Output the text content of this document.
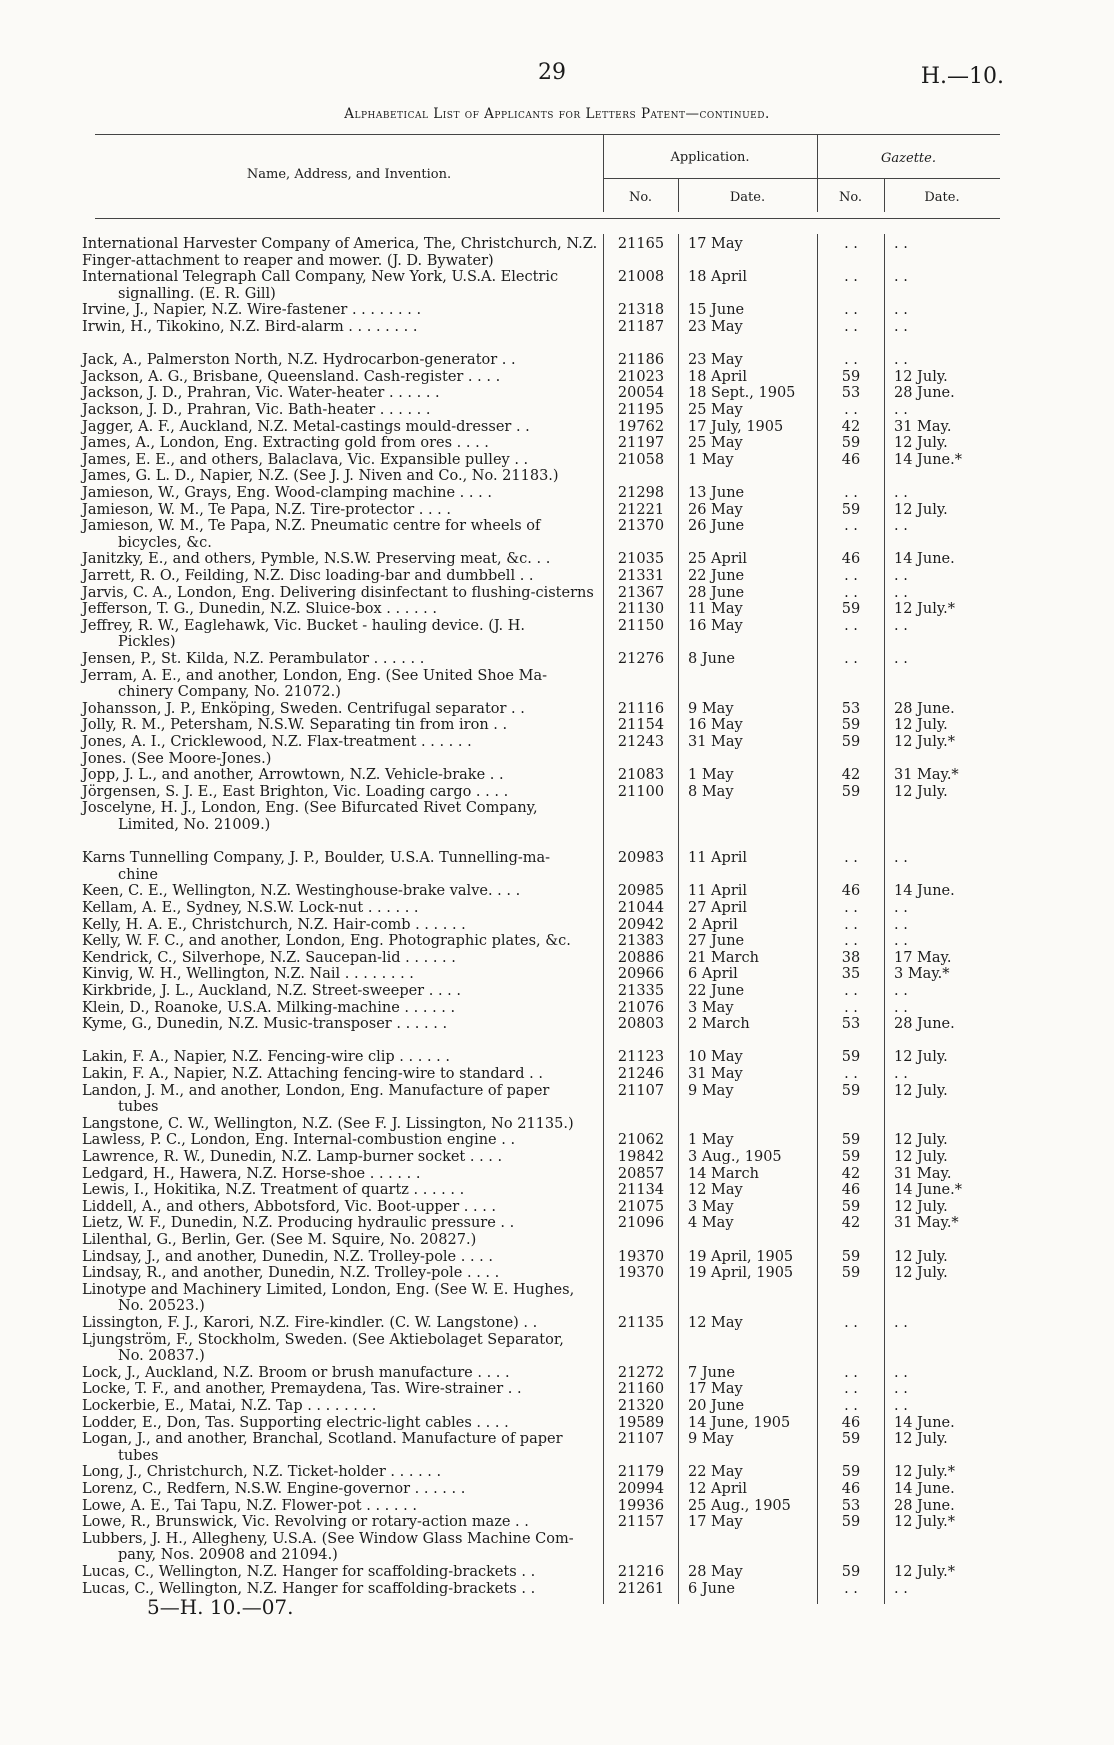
29	H.—10.
Alphabetical List of Applicants for Letters Patent—continued.
Name, Address, and Invention.
Application.	Gazette.
No.	Date.	No.	Date.
International Harvester Company of America, The, Christchurch, N.Z.	21165	17 May	. .	. .
Finger-attachment to reaper and mower. (J. D. Bywater)
International Telegraph Call Company, New York, U.S.A. Electric	21008	18 April	. .	. .
signalling. (E. R. Gill)
Irvine, J., Napier, N.Z. Wire-fastener . . . . . . . .	21318	15 June	. .	. .
Irwin, H., Tikokino, N.Z. Bird-alarm . . . . . . . .	21187	23 May	. .	. .
Jack, A., Palmerston North, N.Z. Hydrocarbon-generator . .	21186	23 May	. .	. .
Jackson, A. G., Brisbane, Queensland. Cash-register . . . .	21023	18 April	59	12 July.
Jackson, J. D., Prahran, Vic. Water-heater . . . . . .	20054	18 Sept., 1905	53	28 June.
Jackson, J. D., Prahran, Vic. Bath-heater . . . . . .	21195	25 May	. .	. .
Jagger, A. F., Auckland, N.Z. Metal-castings mould-dresser . .	19762	17 July, 1905	42	31 May.
James, A., London, Eng. Extracting gold from ores . . . .	21197	25 May	59	12 July.
James, E. E., and others, Balaclava, Vic. Expansible pulley . .	21058	1 May	46	14 June.*
James, G. L. D., Napier, N.Z. (See J. J. Niven and Co., No. 21183.)
Jamieson, W., Grays, Eng. Wood-clamping machine . . . .	21298	13 June	. .	. .
Jamieson, W. M., Te Papa, N.Z. Tire-protector . . . .	21221	26 May	59	12 July.
Jamieson, W. M., Te Papa, N.Z. Pneumatic centre for wheels of	21370	26 June	. .	. .
bicycles, &c.
Janitzky, E., and others, Pymble, N.S.W. Preserving meat, &c. . .	21035	25 April	46	14 June.
Jarrett, R. O., Feilding, N.Z. Disc loading-bar and dumbbell . .	21331	22 June	. .	. .
Jarvis, C. A., London, Eng. Delivering disinfectant to flushing-cisterns	21367	28 June	. .	. .
Jefferson, T. G., Dunedin, N.Z. Sluice-box . . . . . .	21130	11 May	59	12 July.*
Jeffrey, R. W., Eaglehawk, Vic. Bucket - hauling device. (J. H.	21150	16 May	. .	. .
Pickles)
Jensen, P., St. Kilda, N.Z. Perambulator . . . . . .	21276	8 June	. .	. .
Jerram, A. E., and another, London, Eng. (See United Shoe Ma-
chinery Company, No. 21072.)
Johansson, J. P., Enköping, Sweden. Centrifugal separator . .	21116	9 May	53	28 June.
Jolly, R. M., Petersham, N.S.W. Separating tin from iron . .	21154	16 May	59	12 July.
Jones, A. I., Cricklewood, N.Z. Flax-treatment . . . . . .	21243	31 May	59	12 July.*
Jones. (See Moore-Jones.)
Jopp, J. L., and another, Arrowtown, N.Z. Vehicle-brake . .	21083	1 May	42	31 May.*
Jörgensen, S. J. E., East Brighton, Vic. Loading cargo . . . .	21100	8 May	59	12 July.
Joscelyne, H. J., London, Eng. (See Bifurcated Rivet Company,
Limited, No. 21009.)
Karns Tunnelling Company, J. P., Boulder, U.S.A. Tunnelling-ma-	20983	11 April	. .	. .
chine
Keen, C. E., Wellington, N.Z. Westinghouse-brake valve. . . .	20985	11 April	46	14 June.
Kellam, A. E., Sydney, N.S.W. Lock-nut . . . . . .	21044	27 April	. .	. .
Kelly, H. A. E., Christchurch, N.Z. Hair-comb . . . . . .	20942	2 April	. .	. .
Kelly, W. F. C., and another, London, Eng. Photographic plates, &c.	21383	27 June	. .	. .
Kendrick, C., Silverhope, N.Z. Saucepan-lid . . . . . .	20886	21 March	38	17 May.
Kinvig, W. H., Wellington, N.Z. Nail . . . . . . . .	20966	6 April	35	3 May.*
Kirkbride, J. L., Auckland, N.Z. Street-sweeper . . . .	21335	22 June	. .	. .
Klein, D., Roanoke, U.S.A. Milking-machine . . . . . .	21076	3 May	. .	. .
Kyme, G., Dunedin, N.Z. Music-transposer . . . . . .	20803	2 March	53	28 June.
Lakin, F. A., Napier, N.Z. Fencing-wire clip . . . . . .	21123	10 May	59	12 July.
Lakin, F. A., Napier, N.Z. Attaching fencing-wire to standard . .	21246	31 May	. .	. .
Landon, J. M., and another, London, Eng. Manufacture of paper	21107	9 May	59	12 July.
tubes
Langstone, C. W., Wellington, N.Z. (See F. J. Lissington, No 21135.)
Lawless, P. C., London, Eng. Internal-combustion engine . .	21062	1 May	59	12 July.
Lawrence, R. W., Dunedin, N.Z. Lamp-burner socket . . . .	19842	3 Aug., 1905	59	12 July.
Ledgard, H., Hawera, N.Z. Horse-shoe . . . . . .	20857	14 March	42	31 May.
Lewis, I., Hokitika, N.Z. Treatment of quartz . . . . . .	21134	12 May	46	14 June.*
Liddell, A., and others, Abbotsford, Vic. Boot-upper . . . .	21075	3 May	59	12 July.
Lietz, W. F., Dunedin, N.Z. Producing hydraulic pressure . .	21096	4 May	42	31 May.*
Lilenthal, G., Berlin, Ger. (See M. Squire, No. 20827.)
Lindsay, J., and another, Dunedin, N.Z. Trolley-pole . . . .	19370	19 April, 1905	59	12 July.
Lindsay, R., and another, Dunedin, N.Z. Trolley-pole . . . .	19370	19 April, 1905	59	12 July.
Linotype and Machinery Limited, London, Eng. (See W. E. Hughes,
No. 20523.)
Lissington, F. J., Karori, N.Z. Fire-kindler. (C. W. Langstone) . .	21135	12 May	. .	. .
Ljungström, F., Stockholm, Sweden. (See Aktiebolaget Separator,
No. 20837.)
Lock, J., Auckland, N.Z. Broom or brush manufacture . . . .	21272	7 June	. .	. .
Locke, T. F., and another, Premaydena, Tas. Wire-strainer . .	21160	17 May	. .	. .
Lockerbie, E., Matai, N.Z. Tap . . . . . . . .	21320	20 June	. .	. .
Lodder, E., Don, Tas. Supporting electric-light cables . . . .	19589	14 June, 1905	46	14 June.
Logan, J., and another, Branchal, Scotland. Manufacture of paper	21107	9 May	59	12 July.
tubes
Long, J., Christchurch, N.Z. Ticket-holder . . . . . .	21179	22 May	59	12 July.*
Lorenz, C., Redfern, N.S.W. Engine-governor . . . . . .	20994	12 April	46	14 June.
Lowe, A. E., Tai Tapu, N.Z. Flower-pot . . . . . .	19936	25 Aug., 1905	53	28 June.
Lowe, R., Brunswick, Vic. Revolving or rotary-action maze . .	21157	17 May	59	12 July.*
Lubbers, J. H., Allegheny, U.S.A. (See Window Glass Machine Com-
pany, Nos. 20908 and 21094.)
Lucas, C., Wellington, N.Z. Hanger for scaffolding-brackets . .	21216	28 May	59	12 July.*
Lucas, C., Wellington, N.Z. Hanger for scaffolding-brackets . .	21261	6 June	. .	. .
5—H. 10.—07.
